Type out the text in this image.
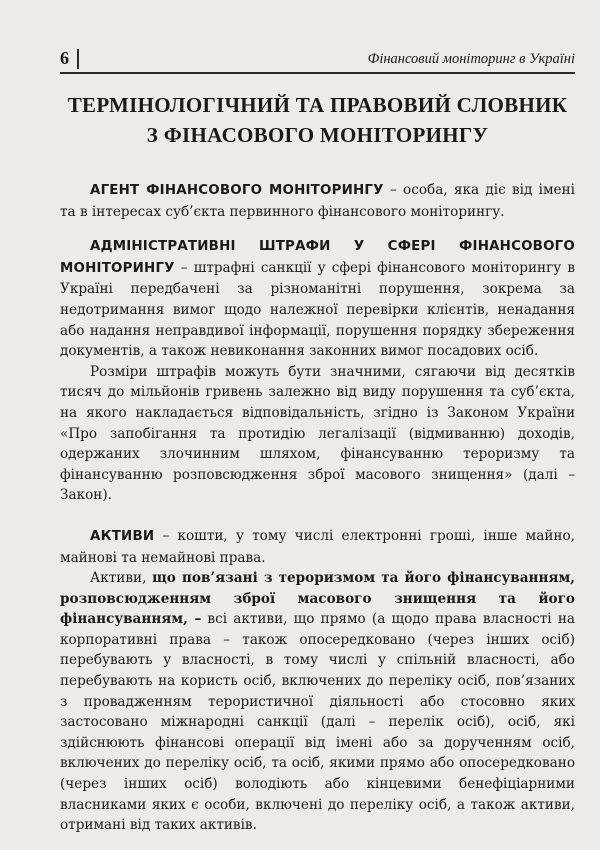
6	Фінансовий моніторинг в Україні
ТЕРМІНОЛОГІЧНИЙ ТА ПРАВОВИЙ СЛОВНИК
З ФІНАСОВОГО МОНІТОРИНГУ

АГЕНТ ФІНАНСОВОГО МОНІТОРИНГУ – особа, яка діє від імені та в інтересах суб’єкта первинного фінансового моніторингу.

АДМІНІСТРАТИВНІ ШТРАФИ У СФЕРІ ФІНАНСОВОГО МОНІТОРИНГУ – штрафні санкції у сфері фінансового моніторингу в Україні передбачені за різноманітні порушення, зокрема за недотримання вимог щодо належної перевірки клієнтів, ненадання або надання неправдивої інформації, порушення порядку збереження документів, а також невиконання законних вимог посадових осіб.

Розміри штрафів можуть бути значними, сягаючи від десятків тисяч до мільйонів гривень залежно від виду порушення та суб’єкта, на якого накладається відповідальність, згідно із Законом України «Про запобігання та протидію легалізації (відмиванню) доходів, одержаних злочинним шляхом, фінансуванню тероризму та фінансуванню розповсюдження зброї масового знищення» (далі – Закон).

АКТИВИ – кошти, у тому числі електронні гроші, інше майно, майнові та немайнові права.

Активи, що пов’язані з тероризмом та його фінансуванням, розповсюдженням зброї масового знищення та його фінансуванням, – всі активи, що прямо (а щодо права власності на корпоративні права – також опосередковано (через інших осіб) перебувають у власності, в тому числі у спільній власності, або перебувають на користь осіб, включених до переліку осіб, пов’язаних з провадженням терористичної діяльності або стосовно яких застосовано міжнародні санкції (далі – перелік осіб), осіб, які здійснюють фінансові операції від імені або за дорученням осіб, включених до переліку осіб, та осіб, якими прямо або опосередковано (через інших осіб) володіють або кінцевими бенефіціарними власниками яких є особи, включені до переліку осіб, а також активи, отримані від таких активів.
